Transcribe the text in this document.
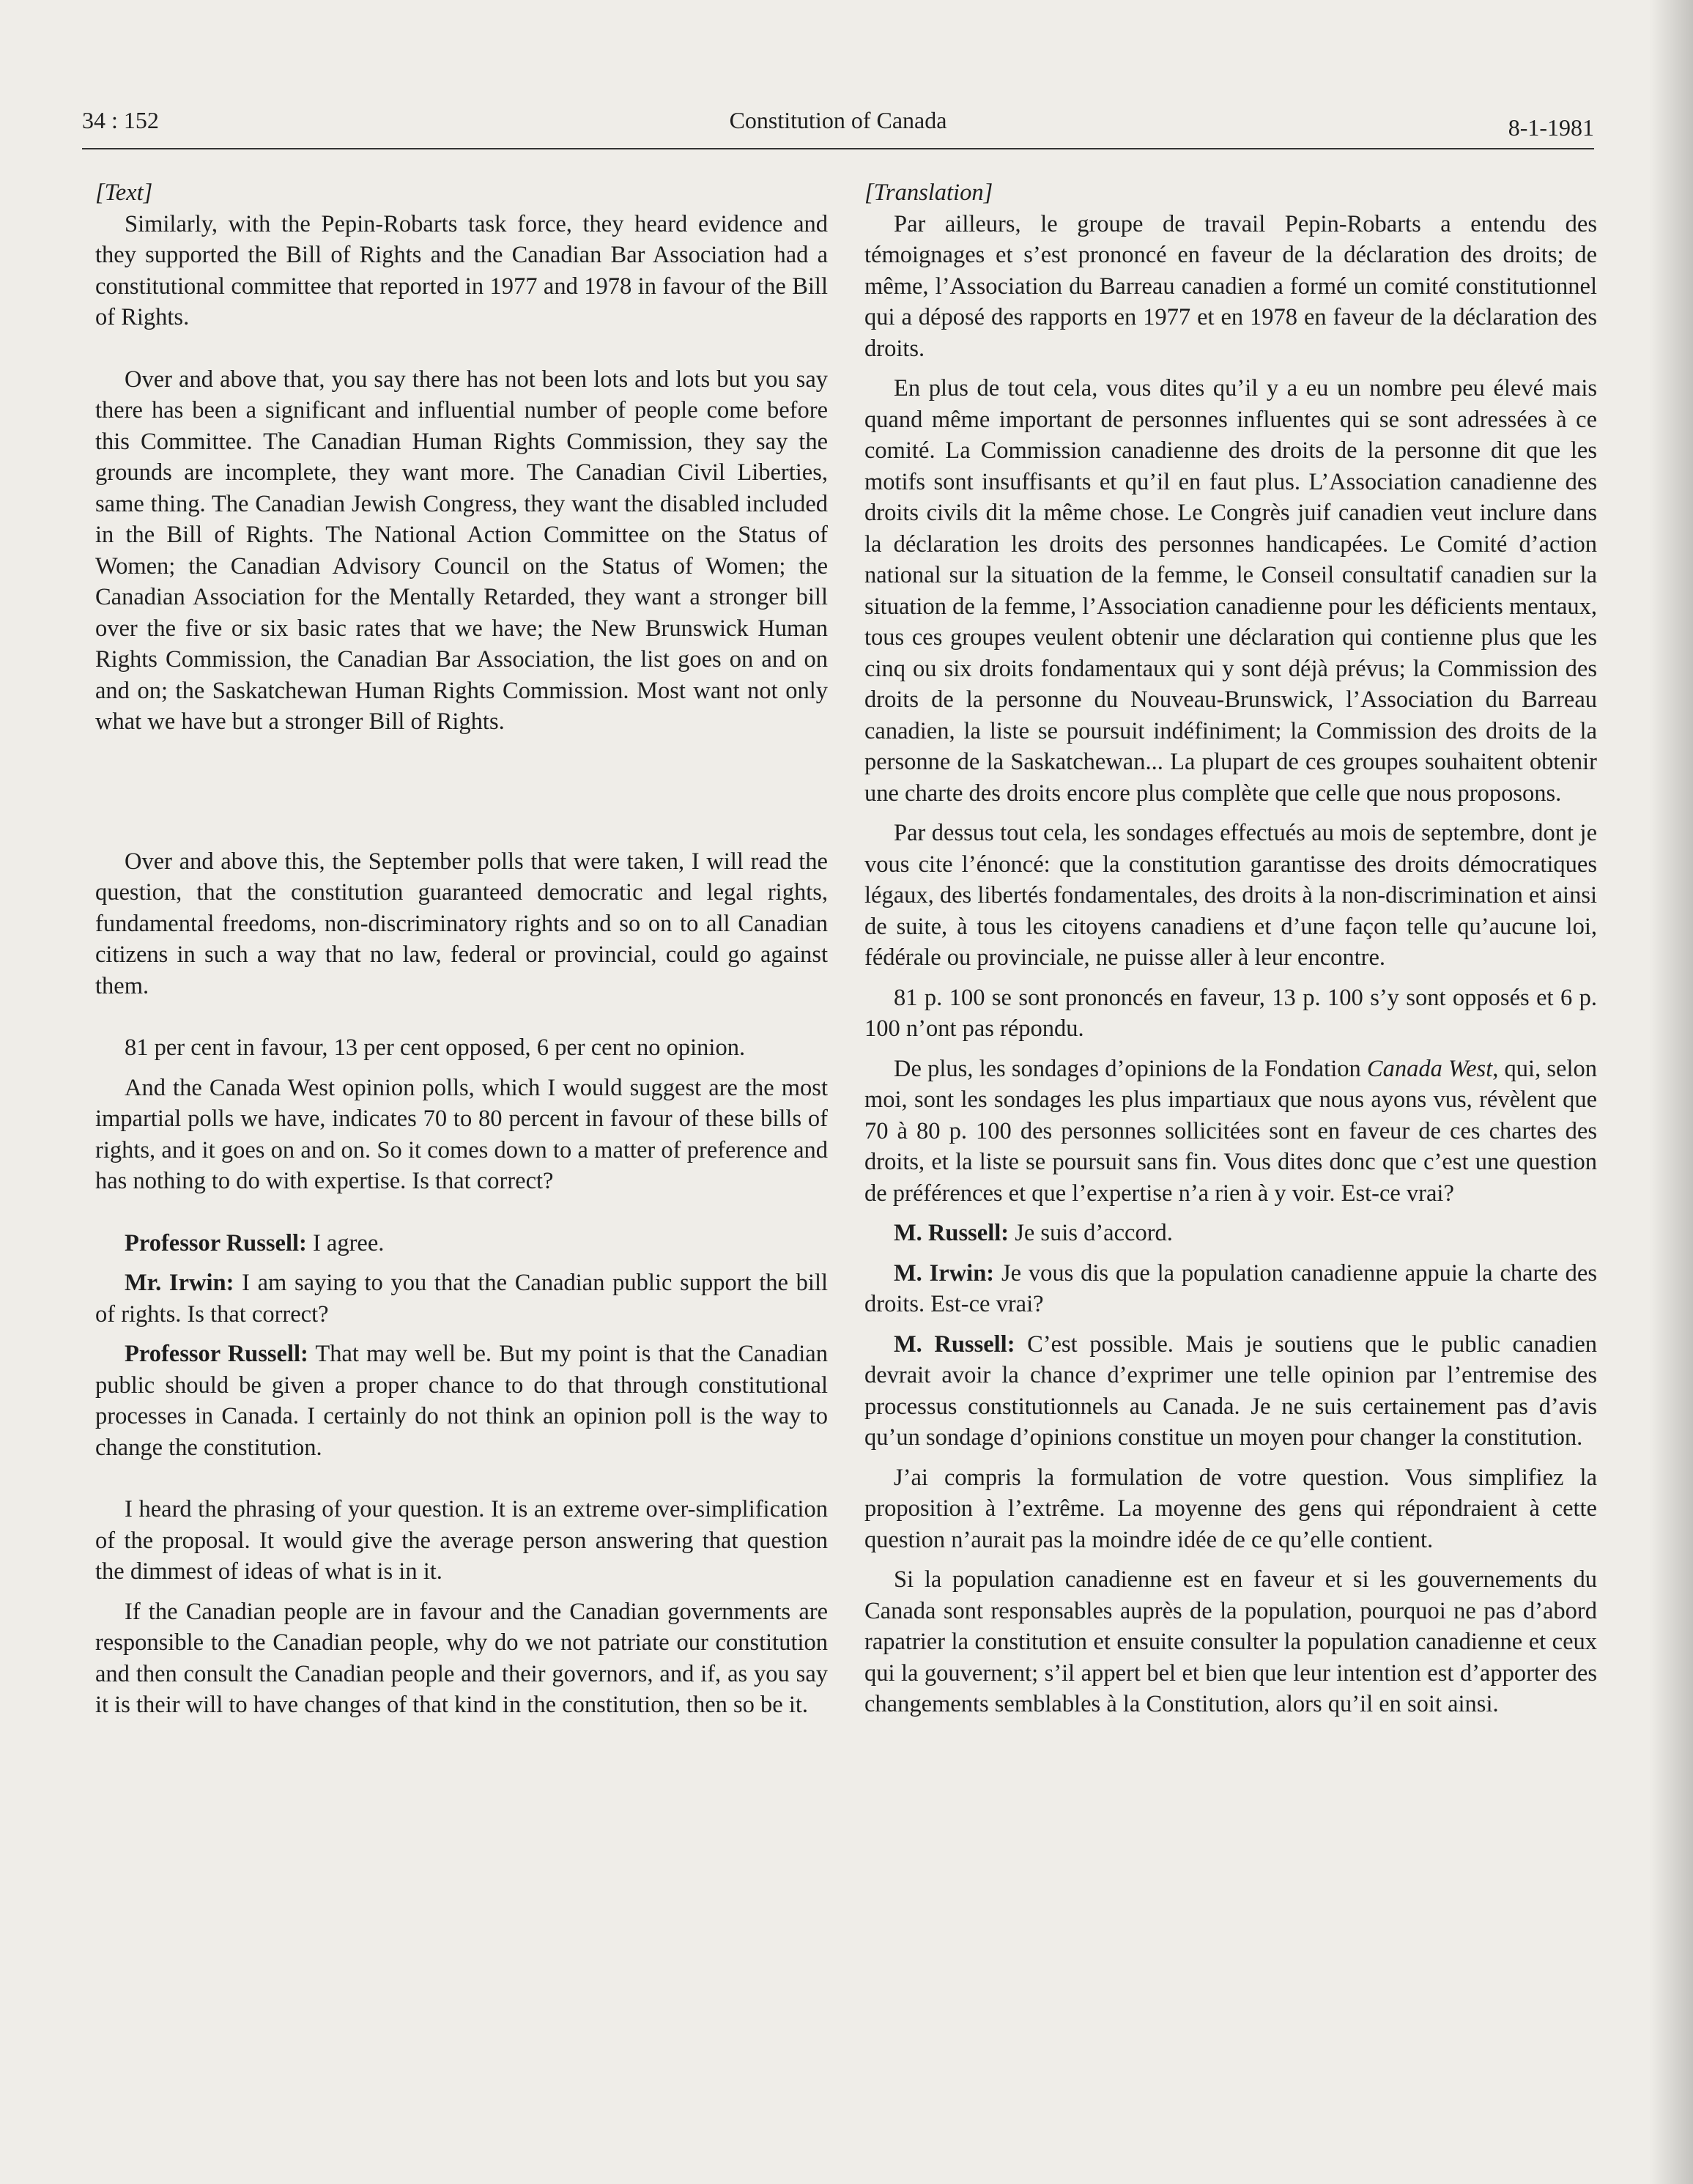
34 : 152	Constitution of Canada	8-1-1981

[Text]

Similarly, with the Pepin-Robarts task force, they heard evidence and they supported the Bill of Rights and the Canadian Bar Association had a constitutional committee that reported in 1977 and 1978 in favour of the Bill of Rights.

Over and above that, you say there has not been lots and lots but you say there has been a significant and influential number of people come before this Committee. The Canadian Human Rights Commission, they say the grounds are incomplete, they want more. The Canadian Civil Liberties, same thing. The Canadian Jewish Congress, they want the disabled included in the Bill of Rights. The National Action Committee on the Status of Women; the Canadian Advisory Council on the Status of Women; the Canadian Association for the Mentally Retarded, they want a stronger bill over the five or six basic rates that we have; the New Brunswick Human Rights Commission, the Canadian Bar Association, the list goes on and on and on; the Saskatchewan Human Rights Commission. Most want not only what we have but a stronger Bill of Rights.

Over and above this, the September polls that were taken, I will read the question, that the constitution guaranteed democratic and legal rights, fundamental freedoms, non-discriminatory rights and so on to all Canadian citizens in such a way that no law, federal or provincial, could go against them.

81 per cent in favour, 13 per cent opposed, 6 per cent no opinion.

And the Canada West opinion polls, which I would suggest are the most impartial polls we have, indicates 70 to 80 percent in favour of these bills of rights, and it goes on and on. So it comes down to a matter of preference and has nothing to do with expertise. Is that correct?

Professor Russell: I agree.

Mr. Irwin: I am saying to you that the Canadian public support the bill of rights. Is that correct?

Professor Russell: That may well be. But my point is that the Canadian public should be given a proper chance to do that through constitutional processes in Canada. I certainly do not think an opinion poll is the way to change the constitution.

I heard the phrasing of your question. It is an extreme over-simplification of the proposal. It would give the average person answering that question the dimmest of ideas of what is in it.

If the Canadian people are in favour and the Canadian governments are responsible to the Canadian people, why do we not patriate our constitution and then consult the Canadian people and their governors, and if, as you say it is their will to have changes of that kind in the constitution, then so be it.

[Translation]

Par ailleurs, le groupe de travail Pepin-Robarts a entendu des témoignages et s’est prononcé en faveur de la déclaration des droits; de même, l’Association du Barreau canadien a formé un comité constitutionnel qui a déposé des rapports en 1977 et en 1978 en faveur de la déclaration des droits.

En plus de tout cela, vous dites qu’il y a eu un nombre peu élevé mais quand même important de personnes influentes qui se sont adressées à ce comité. La Commission canadienne des droits de la personne dit que les motifs sont insuffisants et qu’il en faut plus. L’Association canadienne des droits civils dit la même chose. Le Congrès juif canadien veut inclure dans la déclaration les droits des personnes handicapées. Le Comité d’action national sur la situation de la femme, le Conseil consultatif canadien sur la situation de la femme, l’Association canadienne pour les déficients mentaux, tous ces groupes veulent obtenir une déclaration qui contienne plus que les cinq ou six droits fondamentaux qui y sont déjà prévus; la Commission des droits de la personne du Nouveau-Brunswick, l’Association du Barreau canadien, la liste se poursuit indéfiniment; la Commission des droits de la personne de la Saskatchewan... La plupart de ces groupes souhaitent obtenir une charte des droits encore plus complète que celle que nous proposons.

Par dessus tout cela, les sondages effectués au mois de septembre, dont je vous cite l’énoncé: que la constitution garantisse des droits démocratiques légaux, des libertés fondamentales, des droits à la non-discrimination et ainsi de suite, à tous les citoyens canadiens et d’une façon telle qu’aucune loi, fédérale ou provinciale, ne puisse aller à leur encontre.

81 p. 100 se sont prononcés en faveur, 13 p. 100 s’y sont opposés et 6 p. 100 n’ont pas répondu.

De plus, les sondages d’opinions de la Fondation Canada West, qui, selon moi, sont les sondages les plus impartiaux que nous ayons vus, révèlent que 70 à 80 p. 100 des personnes sollicitées sont en faveur de ces chartes des droits, et la liste se poursuit sans fin. Vous dites donc que c’est une question de préférences et que l’expertise n’a rien à y voir. Est-ce vrai?

M. Russell: Je suis d’accord.

M. Irwin: Je vous dis que la population canadienne appuie la charte des droits. Est-ce vrai?

M. Russell: C’est possible. Mais je soutiens que le public canadien devrait avoir la chance d’exprimer une telle opinion par l’entremise des processus constitutionnels au Canada. Je ne suis certainement pas d’avis qu’un sondage d’opinions constitue un moyen pour changer la constitution.

J’ai compris la formulation de votre question. Vous simplifiez la proposition à l’extrême. La moyenne des gens qui répondraient à cette question n’aurait pas la moindre idée de ce qu’elle contient.

Si la population canadienne est en faveur et si les gouvernements du Canada sont responsables auprès de la population, pourquoi ne pas d’abord rapatrier la constitution et ensuite consulter la population canadienne et ceux qui la gouvernent; s’il appert bel et bien que leur intention est d’apporter des changements semblables à la Constitution, alors qu’il en soit ainsi.
